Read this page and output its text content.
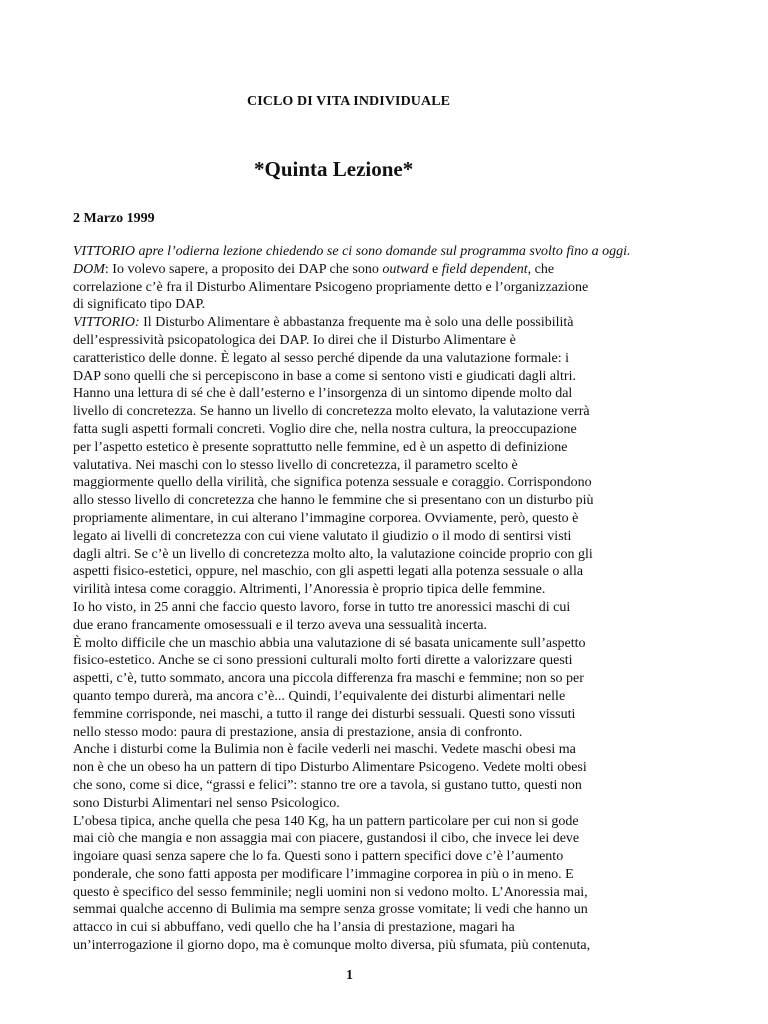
CICLO DI VITA INDIVIDUALE
*Quinta Lezione*
2 Marzo 1999
VITTORIO apre l’odierna lezione chiedendo se ci sono domande sul programma svolto fino a oggi.
DOM: Io volevo sapere, a proposito dei DAP che sono outward e field dependent, che
correlazione c’è fra il Disturbo Alimentare Psicogeno propriamente detto e l’organizzazione
di significato tipo DAP.
VITTORIO: Il Disturbo Alimentare è abbastanza frequente ma è solo una delle possibilità
dell’espressività psicopatologica dei DAP. Io direi che il Disturbo Alimentare è
caratteristico delle donne. È legato al sesso perché dipende da una valutazione formale: i
DAP sono quelli che si percepiscono in base a come si sentono visti e giudicati dagli altri.
Hanno una lettura di sé che è dall’esterno e l’insorgenza di un sintomo dipende molto dal
livello di concretezza. Se hanno un livello di concretezza molto elevato, la valutazione verrà
fatta sugli aspetti formali concreti. Voglio dire che, nella nostra cultura, la preoccupazione
per l’aspetto estetico è presente soprattutto nelle femmine, ed è un aspetto di definizione
valutativa. Nei maschi con lo stesso livello di concretezza, il parametro scelto è
maggiormente quello della virilità, che significa potenza sessuale e coraggio. Corrispondono
allo stesso livello di concretezza che hanno le femmine che si presentano con un disturbo più
propriamente alimentare, in cui alterano l’immagine corporea. Ovviamente, però, questo è
legato ai livelli di concretezza con cui viene valutato il giudizio o il modo di sentirsi visti
dagli altri. Se c’è un livello di concretezza molto alto, la valutazione coincide proprio con gli
aspetti fisico-estetici, oppure, nel maschio, con gli aspetti legati alla potenza sessuale o alla
virilità intesa come coraggio. Altrimenti, l’Anoressia è proprio tipica delle femmine.
Io ho visto, in 25 anni che faccio questo lavoro, forse in tutto tre anoressici maschi di cui
due erano francamente omosessuali e il terzo aveva una sessualità incerta.
È molto difficile che un maschio abbia una valutazione di sé basata unicamente sull’aspetto
fisico-estetico. Anche se ci sono pressioni culturali molto forti dirette a valorizzare questi
aspetti, c’è, tutto sommato, ancora una piccola differenza fra maschi e femmine; non so per
quanto tempo durerà, ma ancora c’è... Quindi, l’equivalente dei disturbi alimentari nelle
femmine corrisponde, nei maschi, a tutto il range dei disturbi sessuali. Questi sono vissuti
nello stesso modo: paura di prestazione, ansia di prestazione, ansia di confronto.
Anche i disturbi come la Bulimia non è facile vederli nei maschi. Vedete maschi obesi ma
non è che un obeso ha un pattern di tipo Disturbo Alimentare Psicogeno. Vedete molti obesi
che sono, come si dice, “grassi e felici”: stanno tre ore a tavola, si gustano tutto, questi non
sono Disturbi Alimentari nel senso Psicologico.
L’obesa tipica, anche quella che pesa 140 Kg, ha un pattern particolare per cui non si gode
mai ciò che mangia e non assaggia mai con piacere, gustandosi il cibo, che invece lei deve
ingoiare quasi senza sapere che lo fa. Questi sono i pattern specifici dove c’è l’aumento
ponderale, che sono fatti apposta per modificare l’immagine corporea in più o in meno. E
questo è specifico del sesso femminile; negli uomini non si vedono molto. L’Anoressia mai,
semmai qualche accenno di Bulimia ma sempre senza grosse vomitate; li vedi che hanno un
attacco in cui si abbuffano, vedi quello che ha l’ansia di prestazione, magari ha
un’interrogazione il giorno dopo, ma è comunque molto diversa, più sfumata, più contenuta,
1
